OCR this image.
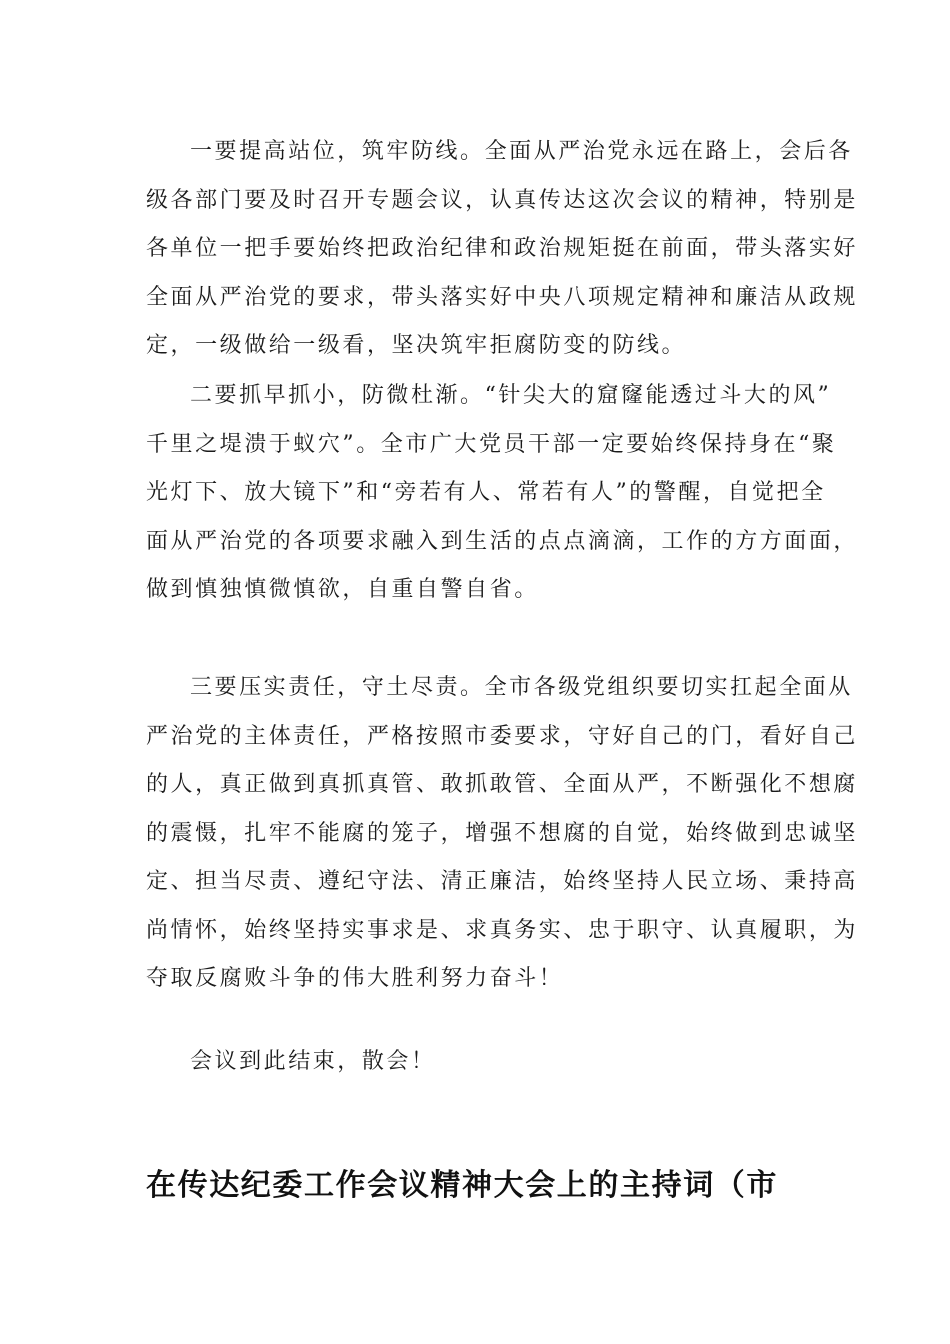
一要提高站位，筑牢防线。全面从严治党永远在路上，会后各
级各部门要及时召开专题会议，认真传达这次会议的精神，特别是
各单位一把手要始终把政治纪律和政治规矩挺在前面，带头落实好
全面从严治党的要求，带头落实好中央八项规定精神和廉洁从政规
定，一级做给一级看，坚决筑牢拒腐防变的防线。
二要抓早抓小，防微杜渐。“针尖大的窟窿能透过斗大的风”
千里之堤溃于蚁穴”。全市广大党员干部一定要始终保持身在“聚
光灯下、放大镜下”和“旁若有人、常若有人”的警醒，自觉把全
面从严治党的各项要求融入到生活的点点滴滴，工作的方方面面，
做到慎独慎微慎欲，自重自警自省。
三要压实责任，守土尽责。全市各级党组织要切实扛起全面从
严治党的主体责任，严格按照市委要求，守好自己的门，看好自己
的人，真正做到真抓真管、敢抓敢管、全面从严，不断强化不想腐
的震慑，扎牢不能腐的笼子，增强不想腐的自觉，始终做到忠诚坚
定、担当尽责、遵纪守法、清正廉洁，始终坚持人民立场、秉持高
尚情怀，始终坚持实事求是、求真务实、忠于职守、认真履职，为
夺取反腐败斗争的伟大胜利努力奋斗！
会议到此结束，散会！
在传达纪委工作会议精神大会上的主持词（市
